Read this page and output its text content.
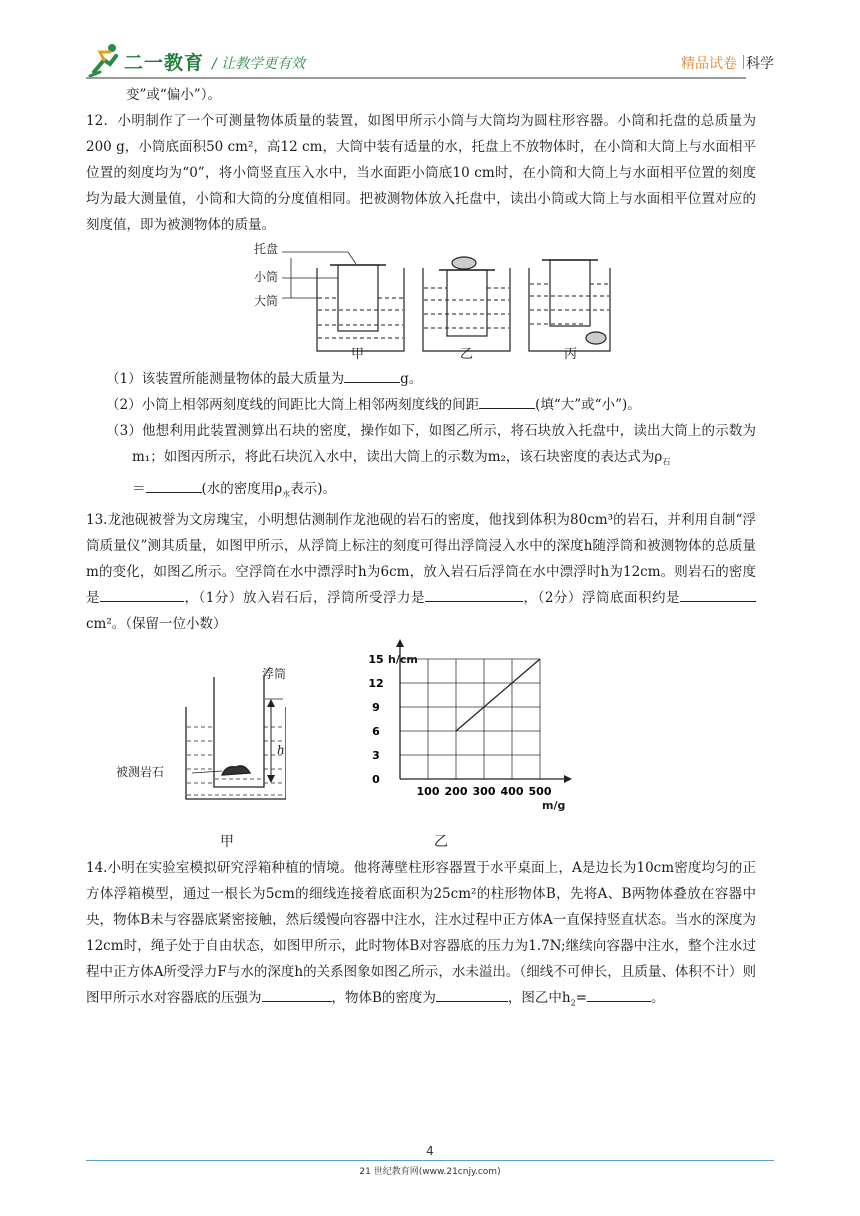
二一教育 / 让教学更有效	精品试卷 科学

变”或“偏小”）。

12．小明制作了一个可测量物体质量的装置，如图甲所示小筒与大筒均为圆柱形容器。小筒和托盘的总质量为200 g，小筒底面积50 cm²，高12 cm，大筒中装有适量的水，托盘上不放物体时，在小筒和大筒上与水面相平位置的刻度均为“0”，将小筒竖直压入水中，当水面距小筒底10 cm时，在小筒和大筒上与水面相平位置的刻度均为最大测量值，小筒和大筒的分度值相同。把被测物体放入托盘中，读出小筒或大筒上与水面相平位置对应的刻度值，即为被测物体的质量。

托盘
小筒
大筒
甲	乙	丙

（1）该装置所能测量物体的最大质量为	g。

（2）小筒上相邻两刻度线的间距比大筒上相邻两刻度线的间距	(填“大”或“小”)。

（3）他想利用此装置测算出石块的密度，操作如下，如图乙所示，将石块放入托盘中，读出大筒上的示数为m₁；如图丙所示，将此石块沉入水中，读出大筒上的示数为m₂，该石块密度的表达式为$\rho_石$
＝	(水的密度用$\rho_水$表示)。

13.龙池砚被誉为文房瑰宝，小明想估测制作龙池砚的岩石的密度，他找到体积为80cm³的岩石，并利用自制“浮筒质量仪”测其质量，如图甲所示，从浮筒上标注的刻度可得出浮筒浸入水中的深度h随浮筒和被测物体的总质量m的变化，如图乙所示。空浮筒在水中漂浮时h为6cm，放入岩石后浮筒在水中漂浮时h为12cm。则岩石的密度是	，（1分）放入岩石后，浮筒所受浮力是	，（2分）浮筒底面积约是cm²。（保留一位小数）

浮筒
被测岩石
h
甲
100 200 300 400 500
0
3
6
9
12
15 h/cm
m/g
乙

14.小明在实验室模拟研究浮箱种植的情境。他将薄壁柱形容器置于水平桌面上，A是边长为10cm密度均匀的正方体浮箱模型，通过一根长为5cm的细线连接着底面积为25cm²的柱形物体B，先将A、B两物体叠放在容器中央，物体B未与容器底紧密接触，然后缓慢向容器中注水，注水过程中正方体A一直保持竖直状态。当水的深度为12cm时，绳子处于自由状态，如图甲所示，此时物体B对容器底的压力为1.7N;继续向容器中注水，整个注水过程中正方体A所受浮力F与水的深度h的关系图象如图乙所示，水未溢出。（细线不可伸长，且质量、体积不计）则图甲所示水对容器底的压强为	，物体B的密度为	，图乙中$h_2=$	。

4
21 世纪教育网(www.21cnjy.com)
